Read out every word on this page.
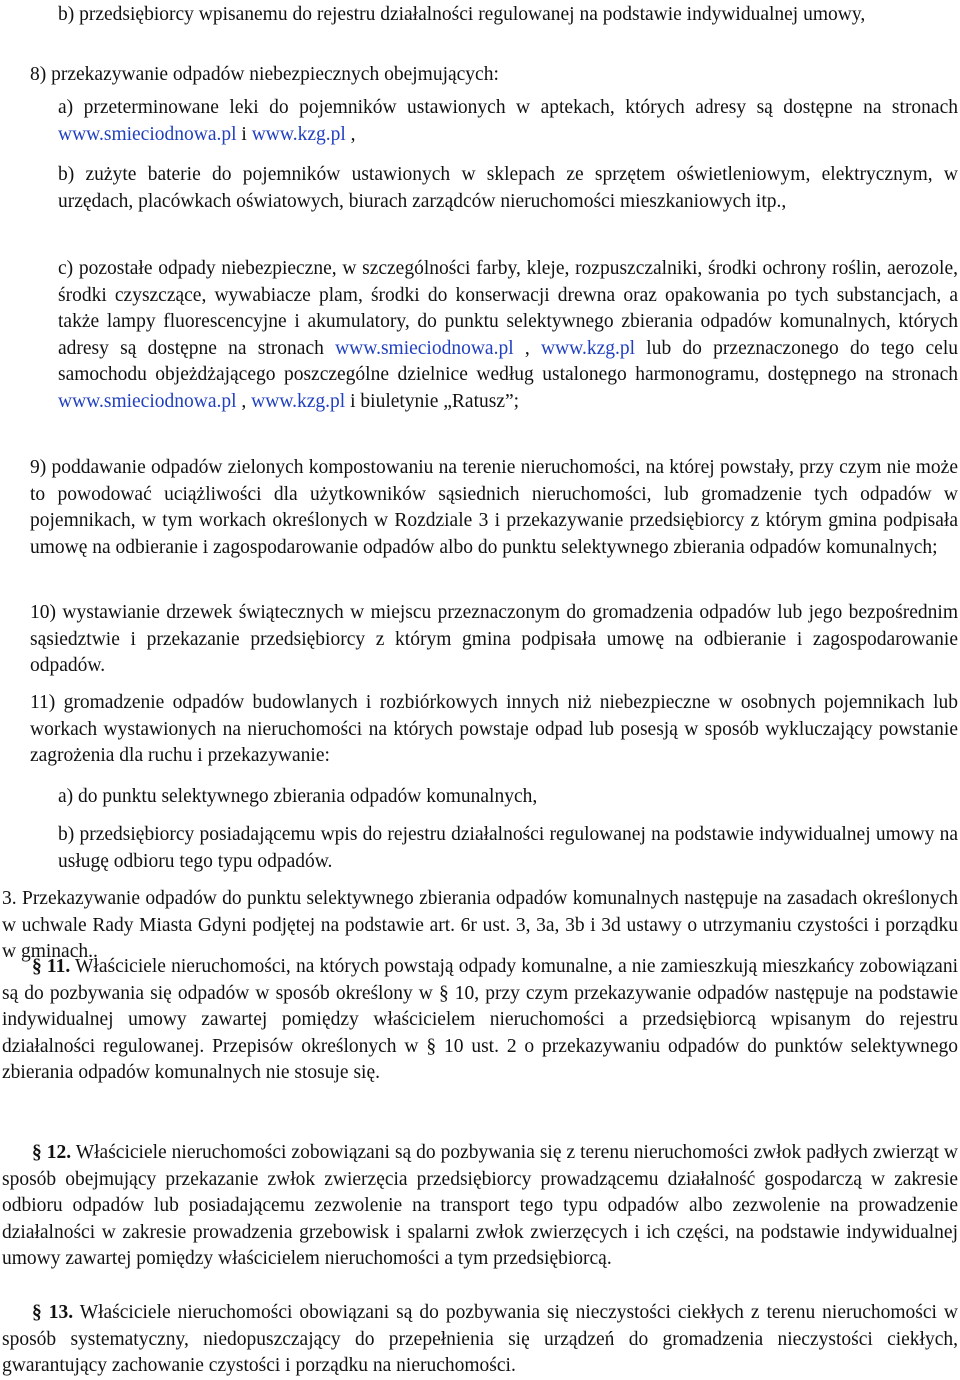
b) przedsiębiorcy wpisanemu do rejestru działalności regulowanej na podstawie indywidualnej umowy,
8) przekazywanie odpadów niebezpiecznych obejmujących:
a) przeterminowane leki do pojemników ustawionych w aptekach, których adresy są dostępne na stronach www.smieciodnowa.pl i www.kzg.pl ,
b) zużyte baterie do pojemników ustawionych w sklepach ze sprzętem oświetleniowym, elektrycznym, w urzędach, placówkach oświatowych, biurach zarządców nieruchomości mieszkaniowych itp.,
c) pozostałe odpady niebezpieczne, w szczególności farby, kleje, rozpuszczalniki, środki ochrony roślin, aerozole, środki czyszczące, wywabiacze plam, środki do konserwacji drewna oraz opakowania po tych substancjach, a także lampy fluorescencyjne i akumulatory, do punktu selektywnego zbierania odpadów komunalnych, których adresy są dostępne na stronach www.smieciodnowa.pl , www.kzg.pl lub do przeznaczonego do tego celu samochodu objeżdżającego poszczególne dzielnice według ustalonego harmonogramu, dostępnego na stronach www.smieciodnowa.pl , www.kzg.pl i biuletynie „Ratusz”;
9) poddawanie odpadów zielonych kompostowaniu na terenie nieruchomości, na której powstały, przy czym nie może to powodować uciążliwości dla użytkowników sąsiednich nieruchomości, lub gromadzenie tych odpadów w pojemnikach, w tym workach określonych w Rozdziale 3 i przekazywanie przedsiębiorcy z którym gmina podpisała umowę na odbieranie i zagospodarowanie odpadów albo do punktu selektywnego zbierania odpadów komunalnych;
10) wystawianie drzewek świątecznych w miejscu przeznaczonym do gromadzenia odpadów lub jego bezpośrednim sąsiedztwie i przekazanie przedsiębiorcy z którym gmina podpisała umowę na odbieranie i zagospodarowanie odpadów.
11) gromadzenie odpadów budowlanych i rozbiórkowych innych niż niebezpieczne w osobnych pojemnikach lub workach wystawionych na nieruchomości na których powstaje odpad lub posesją w sposób wykluczający powstanie zagrożenia dla ruchu i przekazywanie:
a) do punktu selektywnego zbierania odpadów komunalnych,
b) przedsiębiorcy posiadającemu wpis do rejestru działalności regulowanej na podstawie indywidualnej umowy na usługę odbioru tego typu odpadów.
3. Przekazywanie odpadów do punktu selektywnego zbierania odpadów komunalnych następuje na zasadach określonych w uchwale Rady Miasta Gdyni podjętej na podstawie art. 6r ust. 3, 3a, 3b i 3d ustawy o utrzymaniu czystości i porządku w gminach..
§ 11. Właściciele nieruchomości, na których powstają odpady komunalne, a nie zamieszkują mieszkańcy zobowiązani są do pozbywania się odpadów w sposób określony w § 10, przy czym przekazywanie odpadów następuje na podstawie indywidualnej umowy zawartej pomiędzy właścicielem nieruchomości a przedsiębiorcą wpisanym do rejestru działalności regulowanej. Przepisów określonych w § 10 ust. 2 o przekazywaniu odpadów do punktów selektywnego zbierania odpadów komunalnych nie stosuje się.
§ 12. Właściciele nieruchomości zobowiązani są do pozbywania się z terenu nieruchomości zwłok padłych zwierząt w sposób obejmujący przekazanie zwłok zwierzęcia przedsiębiorcy prowadzącemu działalność gospodarczą w zakresie odbioru odpadów lub posiadającemu zezwolenie na transport tego typu odpadów albo zezwolenie na prowadzenie działalności w zakresie prowadzenia grzebowisk i spalarni zwłok zwierzęcych i ich części, na podstawie indywidualnej umowy zawartej pomiędzy właścicielem nieruchomości a tym przedsiębiorcą.
§ 13. Właściciele nieruchomości obowiązani są do pozbywania się nieczystości ciekłych z terenu nieruchomości w sposób systematyczny, niedopuszczający do przepełnienia się urządzeń do gromadzenia nieczystości ciekłych, gwarantujący zachowanie czystości i porządku na nieruchomości.
